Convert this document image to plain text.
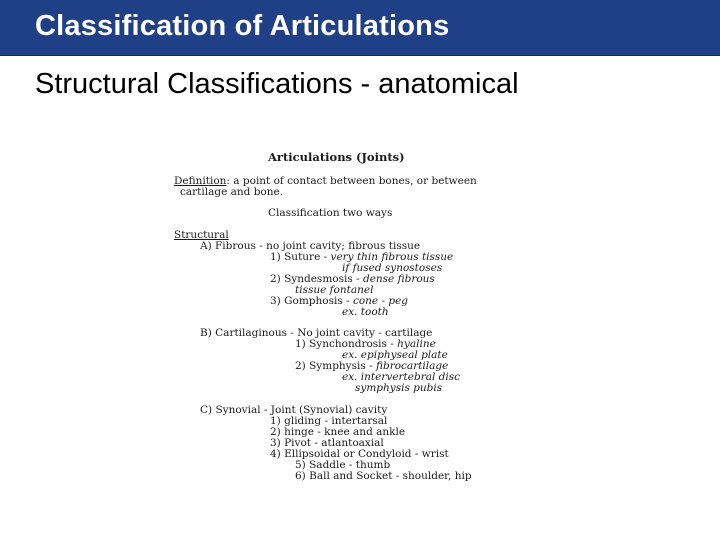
Classification of Articulations
Structural Classifications - anatomical
Articulations (Joints)
Definition: a point of contact between bones, or between
cartilage and bone.
Classification two ways
Structural
A) Fibrous - no joint cavity; fibrous tissue
1) Suture - very thin fibrous tissue
if fused synostoses
2) Syndesmosis - dense fibrous
tissue fontanel
3) Gomphosis - cone - peg
ex. tooth
B) Cartilaginous - No joint cavity - cartilage
1) Synchondrosis - hyaline
ex. epiphyseal plate
2) Symphysis - fibrocartilage
ex. intervertebral disc
symphysis pubis
C) Synovial - Joint (Synovial) cavity
1) gliding - intertarsal
2) hinge - knee and ankle
3) Pivot - atlantoaxial
4) Ellipsoidal or Condyloid - wrist
5) Saddle - thumb
6) Ball and Socket - shoulder, hip
